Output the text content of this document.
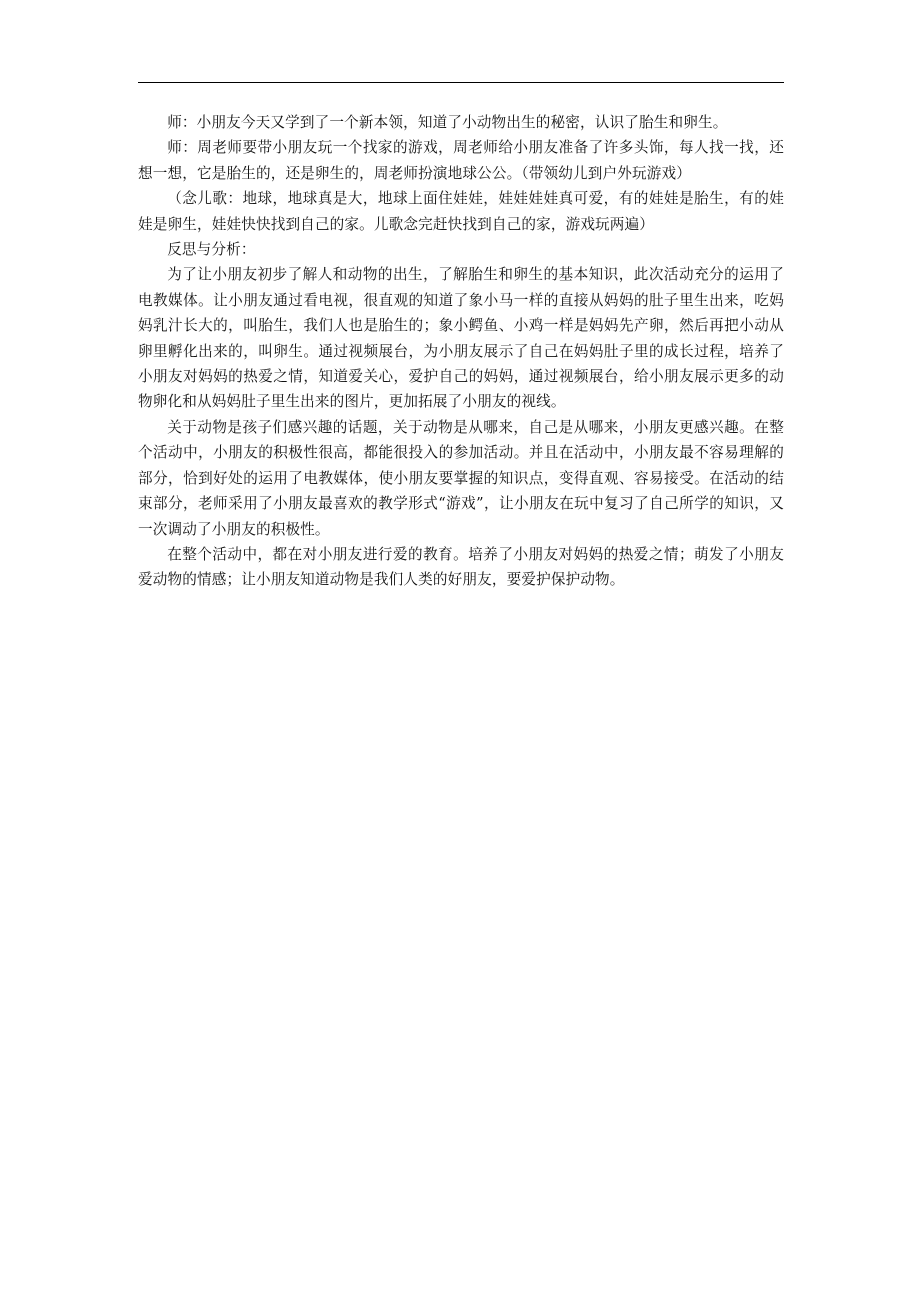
师：小朋友今天又学到了一个新本领，知道了小动物出生的秘密，认识了胎生和卵生。

师：周老师要带小朋友玩一个找家的游戏，周老师给小朋友准备了许多头饰，每人找一找，还想一想，它是胎生的，还是卵生的，周老师扮演地球公公。（带领幼儿到户外玩游戏）

（念儿歌：地球，地球真是大，地球上面住娃娃，娃娃娃娃真可爱，有的娃娃是胎生，有的娃娃是卵生，娃娃快快找到自己的家。儿歌念完赶快找到自己的家，游戏玩两遍）

反思与分析：

为了让小朋友初步了解人和动物的出生，了解胎生和卵生的基本知识，此次活动充分的运用了电教媒体。让小朋友通过看电视，很直观的知道了象小马一样的直接从妈妈的肚子里生出来，吃妈妈乳汁长大的，叫胎生，我们人也是胎生的；象小鳄鱼、小鸡一样是妈妈先产卵，然后再把小动从卵里孵化出来的，叫卵生。通过视频展台，为小朋友展示了自己在妈妈肚子里的成长过程，培养了小朋友对妈妈的热爱之情，知道爱关心，爱护自己的妈妈，通过视频展台，给小朋友展示更多的动物卵化和从妈妈肚子里生出来的图片，更加拓展了小朋友的视线。

关于动物是孩子们感兴趣的话题，关于动物是从哪来，自己是从哪来，小朋友更感兴趣。在整个活动中，小朋友的积极性很高，都能很投入的参加活动。并且在活动中，小朋友最不容易理解的部分，恰到好处的运用了电教媒体，使小朋友要掌握的知识点，变得直观、容易接受。在活动的结束部分，老师采用了小朋友最喜欢的教学形式“游戏”，让小朋友在玩中复习了自己所学的知识，又一次调动了小朋友的积极性。

在整个活动中，都在对小朋友进行爱的教育。培养了小朋友对妈妈的热爱之情；萌发了小朋友爱动物的情感；让小朋友知道动物是我们人类的好朋友，要爱护保护动物。
